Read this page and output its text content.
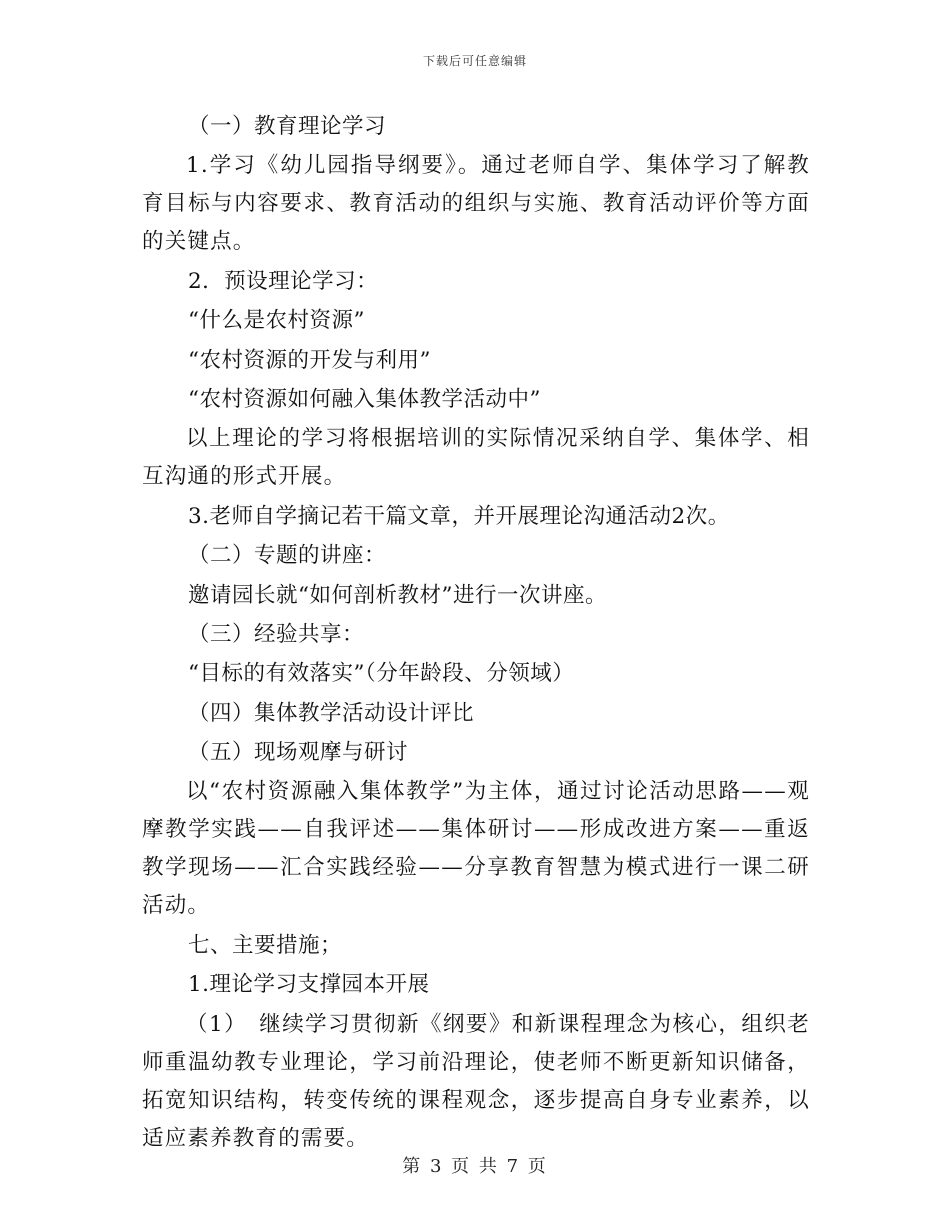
下载后可任意编辑
（一）教育理论学习
1.学习《幼儿园指导纲要》。通过老师自学、集体学习了解教育目标与内容要求、教育活动的组织与实施、教育活动评价等方面的关键点。
2．预设理论学习：
“什么是农村资源”
“农村资源的开发与利用”
“农村资源如何融入集体教学活动中”
以上理论的学习将根据培训的实际情况采纳自学、集体学、相互沟通的形式开展。
3.老师自学摘记若干篇文章，并开展理论沟通活动2次。
（二）专题的讲座：
邀请园长就“如何剖析教材”进行一次讲座。
（三）经验共享：
“目标的有效落实”（分年龄段、分领域）
（四）集体教学活动设计评比
（五）现场观摩与研讨
以“农村资源融入集体教学”为主体，通过讨论活动思路——观摩教学实践——自我评述——集体研讨——形成改进方案——重返教学现场——汇合实践经验——分享教育智慧为模式进行一课二研活动。
七、主要措施；
1.理论学习支撑园本开展
（1）　继续学习贯彻新《纲要》和新课程理念为核心，组织老师重温幼教专业理论，学习前沿理论，使老师不断更新知识储备，拓宽知识结构，转变传统的课程观念，逐步提高自身专业素养，以适应素养教育的需要。
第 3 页 共 7 页
